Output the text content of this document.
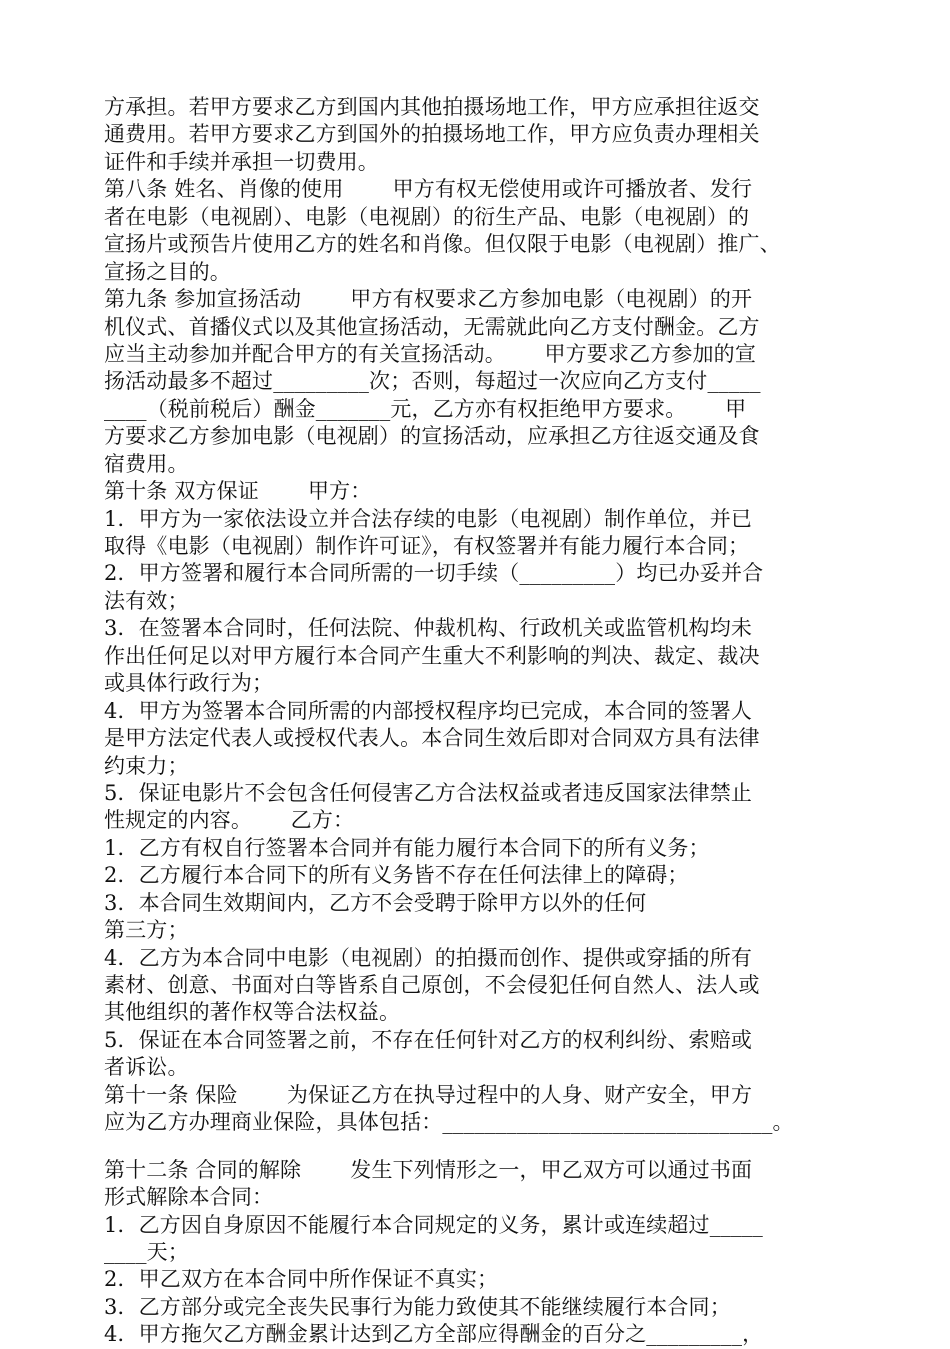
方承担。若甲方要求乙方到国内其他拍摄场地工作，甲方应承担往返交
通费用。若甲方要求乙方到国外的拍摄场地工作，甲方应负责办理相关
证件和手续并承担一切费用。
第八条 姓名、肖像的使用　　 甲方有权无偿使用或许可播放者、发行
者在电影（电视剧）、电影（电视剧）的衍生产品、电影（电视剧）的
宣扬片或预告片使用乙方的姓名和肖像。但仅限于电影（电视剧）推广、
宣扬之目的。
第九条 参加宣扬活动　　 甲方有权要求乙方参加电影（电视剧）的开
机仪式、首播仪式以及其他宣扬活动，无需就此向乙方支付酬金。乙方
应当主动参加并配合甲方的有关宣扬活动。　　 甲方要求乙方参加的宣
扬活动最多不超过_________次；否则，每超过一次应向乙方支付_____
____（税前税后）酬金_______元，乙方亦有权拒绝甲方要求。　　 甲
方要求乙方参加电影（电视剧）的宣扬活动，应承担乙方往返交通及食
宿费用。
第十条 双方保证　　 甲方：
1．甲方为一家依法设立并合法存续的电影（电视剧）制作单位，并已
取得《电影（电视剧）制作许可证》，有权签署并有能力履行本合同；
2．甲方签署和履行本合同所需的一切手续（_________）均已办妥并合
法有效；
3．在签署本合同时，任何法院、仲裁机构、行政机关或监管机构均未
作出任何足以对甲方履行本合同产生重大不利影响的判决、裁定、裁决
或具体行政行为；
4．甲方为签署本合同所需的内部授权程序均已完成，本合同的签署人
是甲方法定代表人或授权代表人。本合同生效后即对合同双方具有法律
约束力；
5．保证电影片不会包含任何侵害乙方合法权益或者违反国家法律禁止
性规定的内容。　　 乙方：
1．乙方有权自行签署本合同并有能力履行本合同下的所有义务；
2．乙方履行本合同下的所有义务皆不存在任何法律上的障碍；
3．本合同生效期间内，乙方不会受聘于除甲方以外的任何
第三方；
4．乙方为本合同中电影（电视剧）的拍摄而创作、提供或穿插的所有
素材、创意、书面对白等皆系自己原创，不会侵犯任何自然人、法人或
其他组织的著作权等合法权益。
5．保证在本合同签署之前，不存在任何针对乙方的权利纠纷、索赔或
者诉讼。
第十一条 保险　　 为保证乙方在执导过程中的人身、财产安全，甲方
应为乙方办理商业保险，具体包括：_______________________________。
第十二条 合同的解除　　 发生下列情形之一，甲乙双方可以通过书面
形式解除本合同：
1．乙方因自身原因不能履行本合同规定的义务，累计或连续超过_____
____天；
2．甲乙双方在本合同中所作保证不真实；
3．乙方部分或完全丧失民事行为能力致使其不能继续履行本合同；
4．甲方拖欠乙方酬金累计达到乙方全部应得酬金的百分之_________，
